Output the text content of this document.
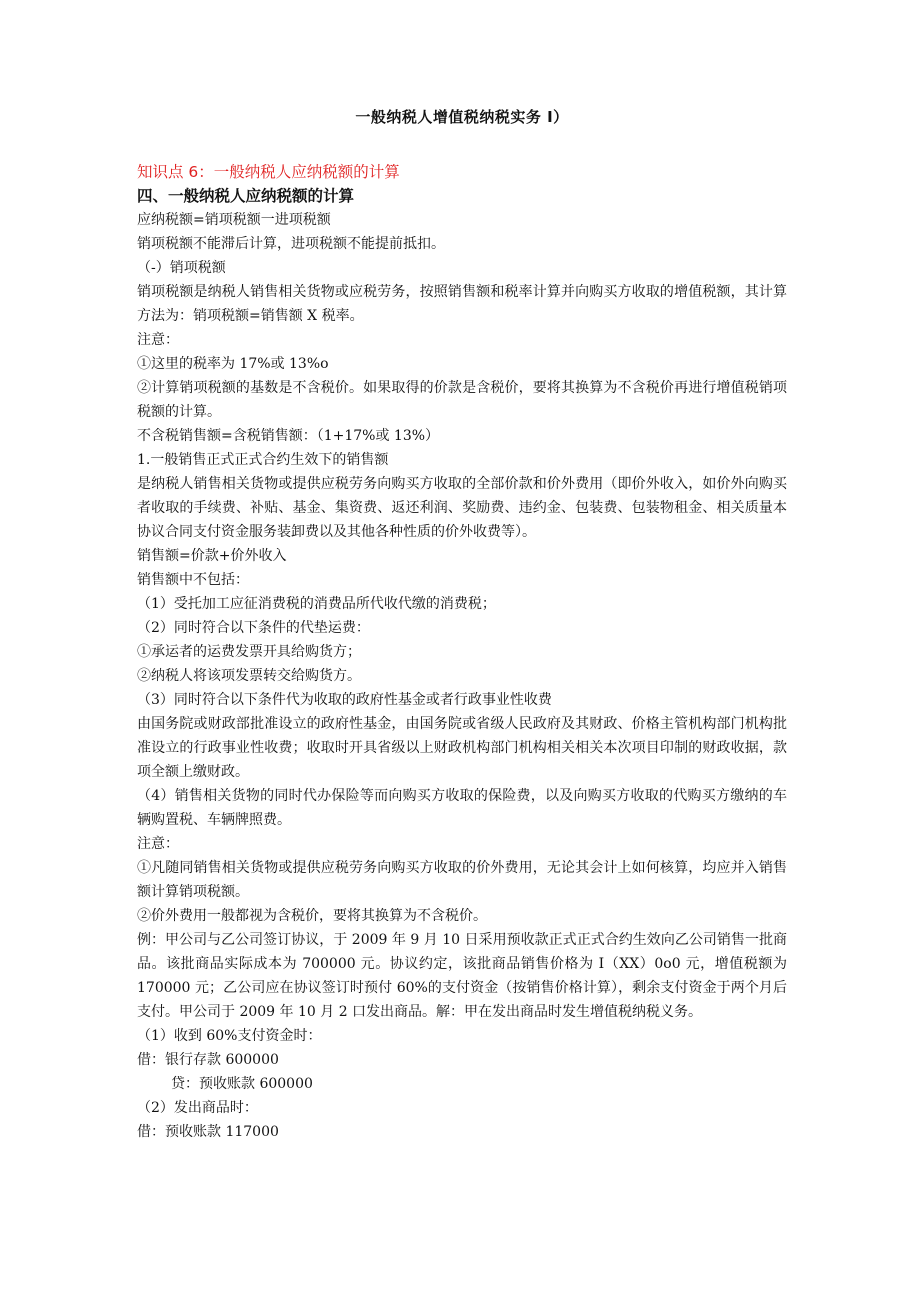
一般纳税人增值税纳税实务 I）

知识点 6：一般纳税人应纳税额的计算

四、一般纳税人应纳税额的计算

应纳税额=销项税额一进项税额

销项税额不能滞后计算，进项税额不能提前抵扣。

（-）销项税额

销项税额是纳税人销售相关货物或应税劳务，按照销售额和税率计算并向购买方收取的增值税额，其计算方法为：销项税额=销售额 X 税率。

注意：

①这里的税率为 17%或 13%o

②计算销项税额的基数是不含税价。如果取得的价款是含税价，要将其换算为不含税价再进行增值税销项税额的计算。

不含税销售额=含税销售额：（1+17%或 13%）

1.一般销售正式正式合约生效下的销售额

是纳税人销售相关货物或提供应税劳务向购买方收取的全部价款和价外费用（即价外收入，如价外向购买者收取的手续费、补贴、基金、集资费、返还利润、奖励费、违约金、包装费、包装物租金、相关质量本协议合同支付资金服务装卸费以及其他各种性质的价外收费等）。

销售额=价款+价外收入

销售额中不包括：

（1）受托加工应征消费税的消费品所代收代缴的消费税；

（2）同时符合以下条件的代垫运费：

①承运者的运费发票开具给购货方；

②纳税人将该项发票转交给购货方。

（3）同时符合以下条件代为收取的政府性基金或者行政事业性收费

由国务院或财政部批准设立的政府性基金，由国务院或省级人民政府及其财政、价格主管机构部门机构批准设立的行政事业性收费；收取时开具省级以上财政机构部门机构相关相关本次项目印制的财政收据，款项全额上缴财政。

（4）销售相关货物的同时代办保险等而向购买方收取的保险费，以及向购买方收取的代购买方缴纳的车辆购置税、车辆牌照费。

注意：

①凡随同销售相关货物或提供应税劳务向购买方收取的价外费用，无论其会计上如何核算，均应并入销售额计算销项税额。

②价外费用一般都视为含税价，要将其换算为不含税价。

例：甲公司与乙公司签订协议，于 2009 年 9 月 10 日采用预收款正式正式合约生效向乙公司销售一批商品。该批商品实际成本为 700000 元。协议约定，该批商品销售价格为 I（XX）0o0 元，增值税额为 170000 元；乙公司应在协议签订时预付 60%的支付资金（按销售价格计算），剩余支付资金于两个月后支付。甲公司于 2009 年 10 月 2 口发出商品。解：甲在发出商品时发生增值税纳税义务。

（1）收到 60%支付资金时：

借：银行存款 600000

贷：预收账款 600000

（2）发出商品时：

借：预收账款 117000
